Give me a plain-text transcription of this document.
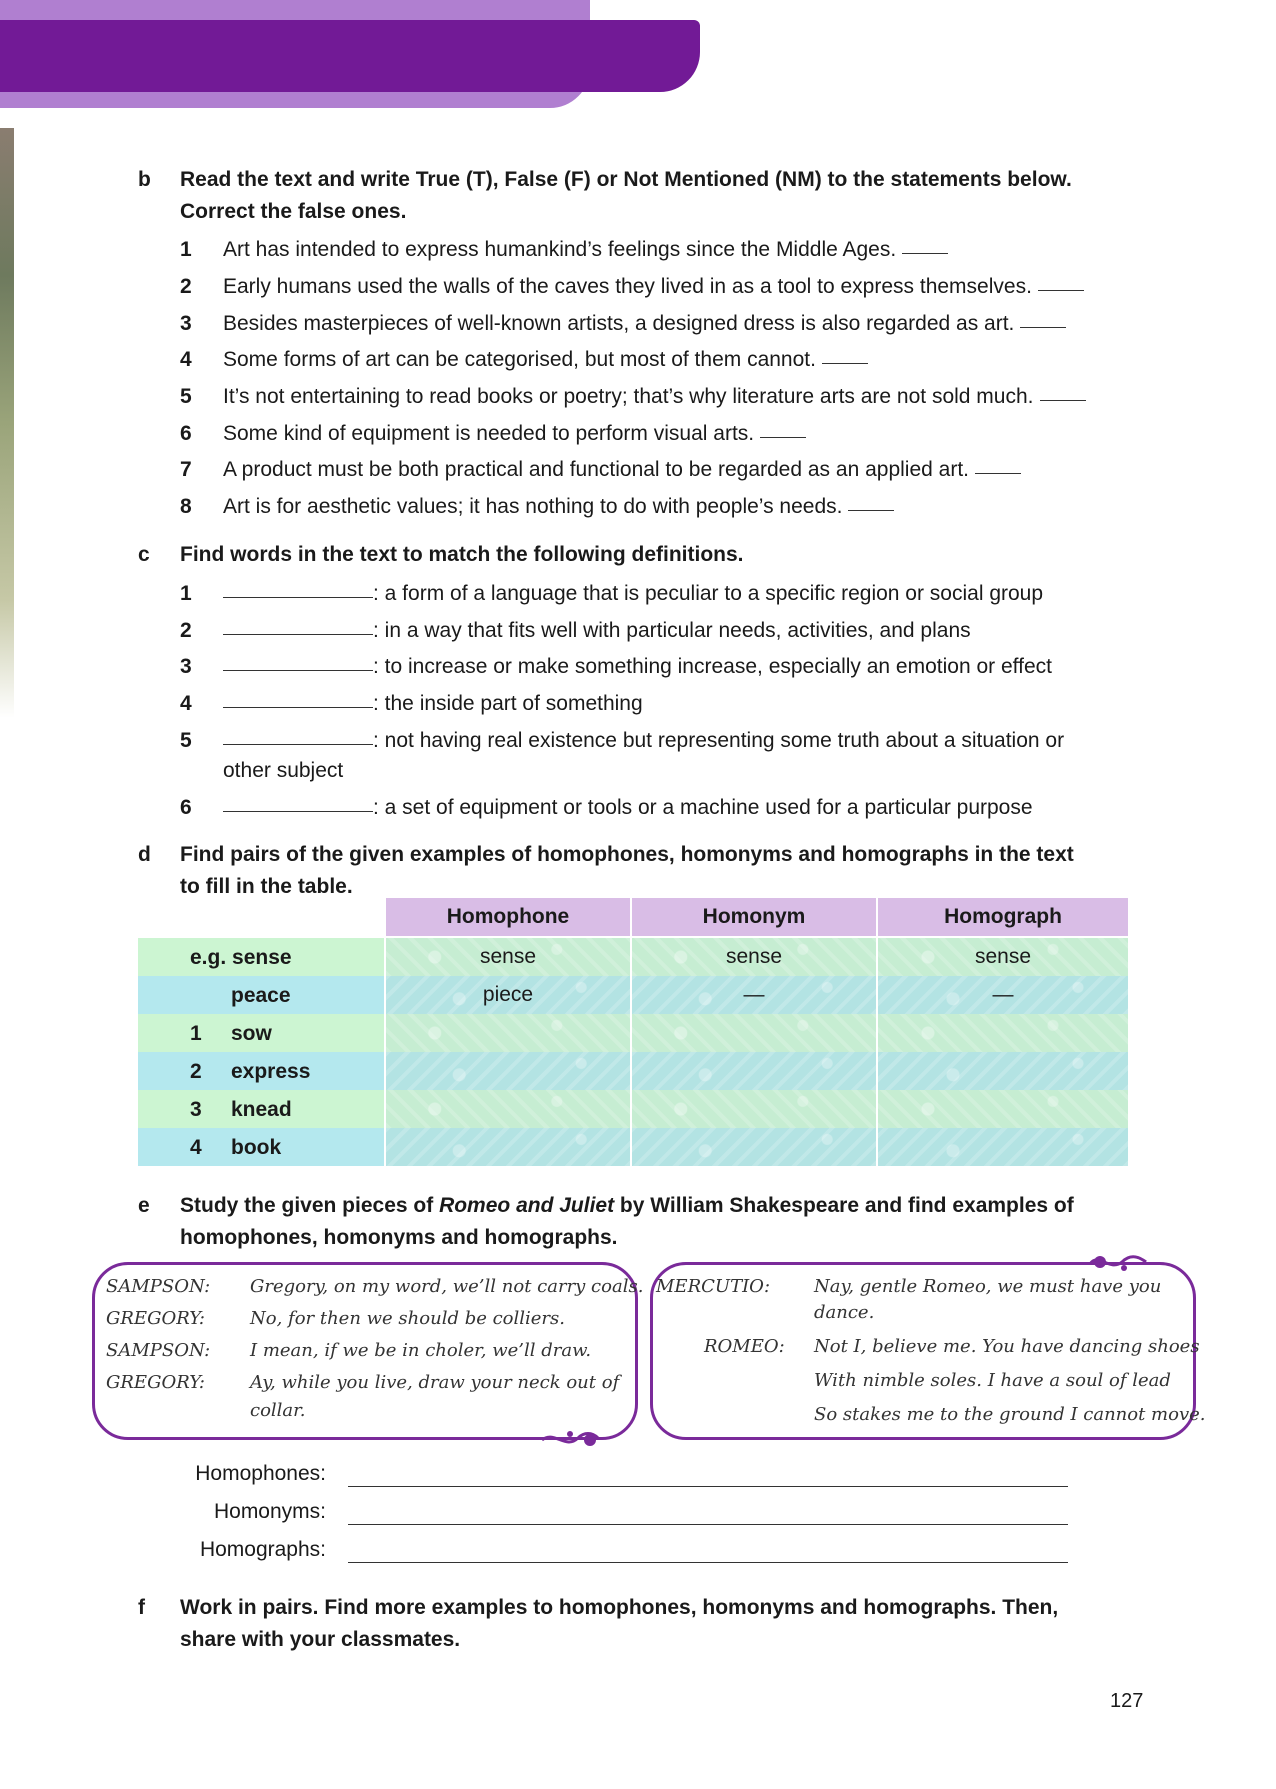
b Read the text and write True (T), False (F) or Not Mentioned (NM) to the statements below.
Correct the false ones.
1 Art has intended to express humankind’s feelings since the Middle Ages.
2 Early humans used the walls of the caves they lived in as a tool to express themselves.
3 Besides masterpieces of well-known artists, a designed dress is also regarded as art.
4 Some forms of art can be categorised, but most of them cannot.
5 It’s not entertaining to read books or poetry; that’s why literature arts are not sold much.
6 Some kind of equipment is needed to perform visual arts.
7 A product must be both practical and functional to be regarded as an applied art.
8 Art is for aesthetic values; it has nothing to do with people’s needs.
c Find words in the text to match the following definitions.
1	: a form of a language that is peculiar to a specific region or social group
2	: in a way that fits well with particular needs, activities, and plans
3	: to increase or make something increase, especially an emotion or effect
4	: the inside part of something
5	: not having real existence but representing some truth about a situation or
other subject
6	: a set of equipment or tools or a machine used for a particular purpose
d Find pairs of the given examples of homophones, homonyms and homographs in the text
to fill in the table.
Homophone	Homonym	Homograph
e.g. sense	sense	sense	sense
peace	piece	—	—
1 sow
2 express
3 knead
4 book
e Study the given pieces of Romeo and Juliet by William Shakespeare and find examples of
homophones, homonyms and homographs.
SAMPSON: Gregory, on my word, we’ll not carry coals.
GREGORY:	No, for then we should be colliers.
SAMPSON: I mean, if we be in choler, we’ll draw.
GREGORY:	Ay, while you live, draw your neck out of
collar.
MERCUTIO: Nay, gentle Romeo, we must have you
dance.
ROMEO: Not I, believe me. You have dancing shoes
With nimble soles. I have a soul of lead
So stakes me to the ground I cannot move.
Homophones:
Homonyms:
Homographs:
f Work in pairs. Find more examples to homophones, homonyms and homographs. Then,
share with your classmates.
127
